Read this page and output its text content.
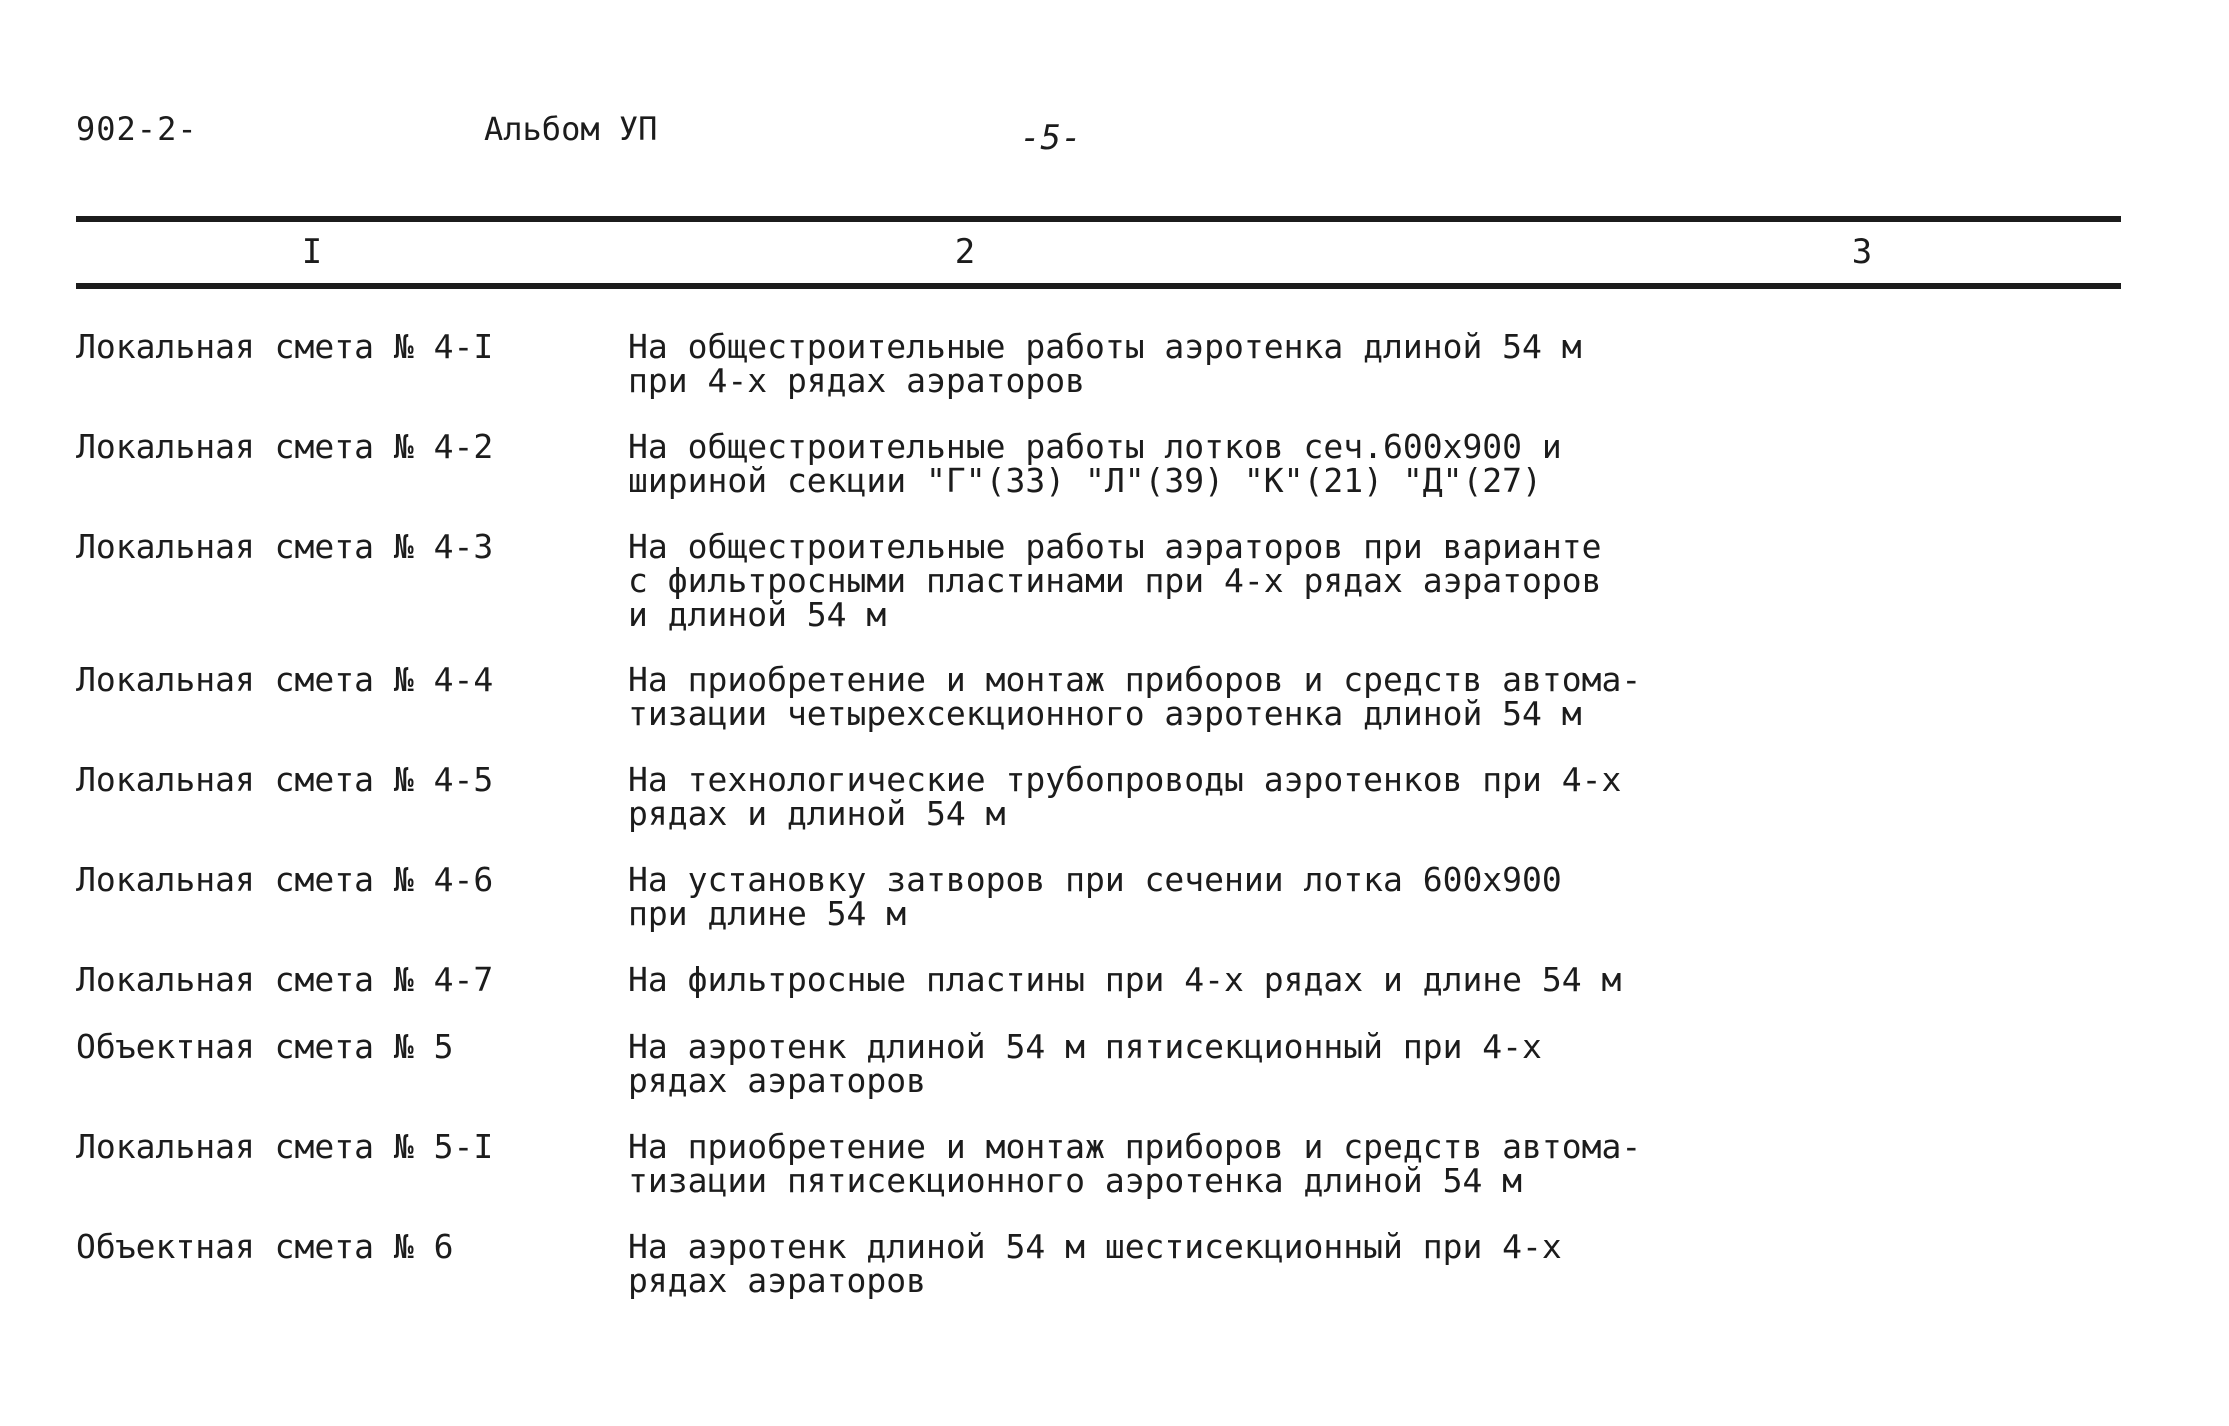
902-2-	Альбом УП	-5-
I	2	3
Локальная смета № 4-I	На общестроительные работы аэротенка длиной 54 м
при 4-х рядах аэраторов
Локальная смета № 4-2	На общестроительные работы лотков сеч.600х900 и
шириной секции "Г"(33) "Л"(39) "К"(21) "Д"(27)
Локальная смета № 4-3	На общестроительные работы аэраторов при варианте
с фильтросными пластинами при 4-х рядах аэраторов
и длиной 54 м
Локальная смета № 4-4	На приобретение и монтаж приборов и средств автома-
тизации четырехсекционного аэротенка длиной 54 м
Локальная смета № 4-5	На технологические трубопроводы аэротенков при 4-х
рядах и длиной 54 м
Локальная смета № 4-6	На установку затворов при сечении лотка 600х900
при длине 54 м
Локальная смета № 4-7	На фильтросные пластины при 4-х рядах и длине 54 м
Объектная смета № 5	На аэротенк длиной 54 м пятисекционный при 4-х
рядах аэраторов
Локальная смета № 5-I	На приобретение и монтаж приборов и средств автома-
тизации пятисекционного аэротенка длиной 54 м
Объектная смета № 6	На аэротенк длиной 54 м шестисекционный при 4-х
рядах аэраторов
